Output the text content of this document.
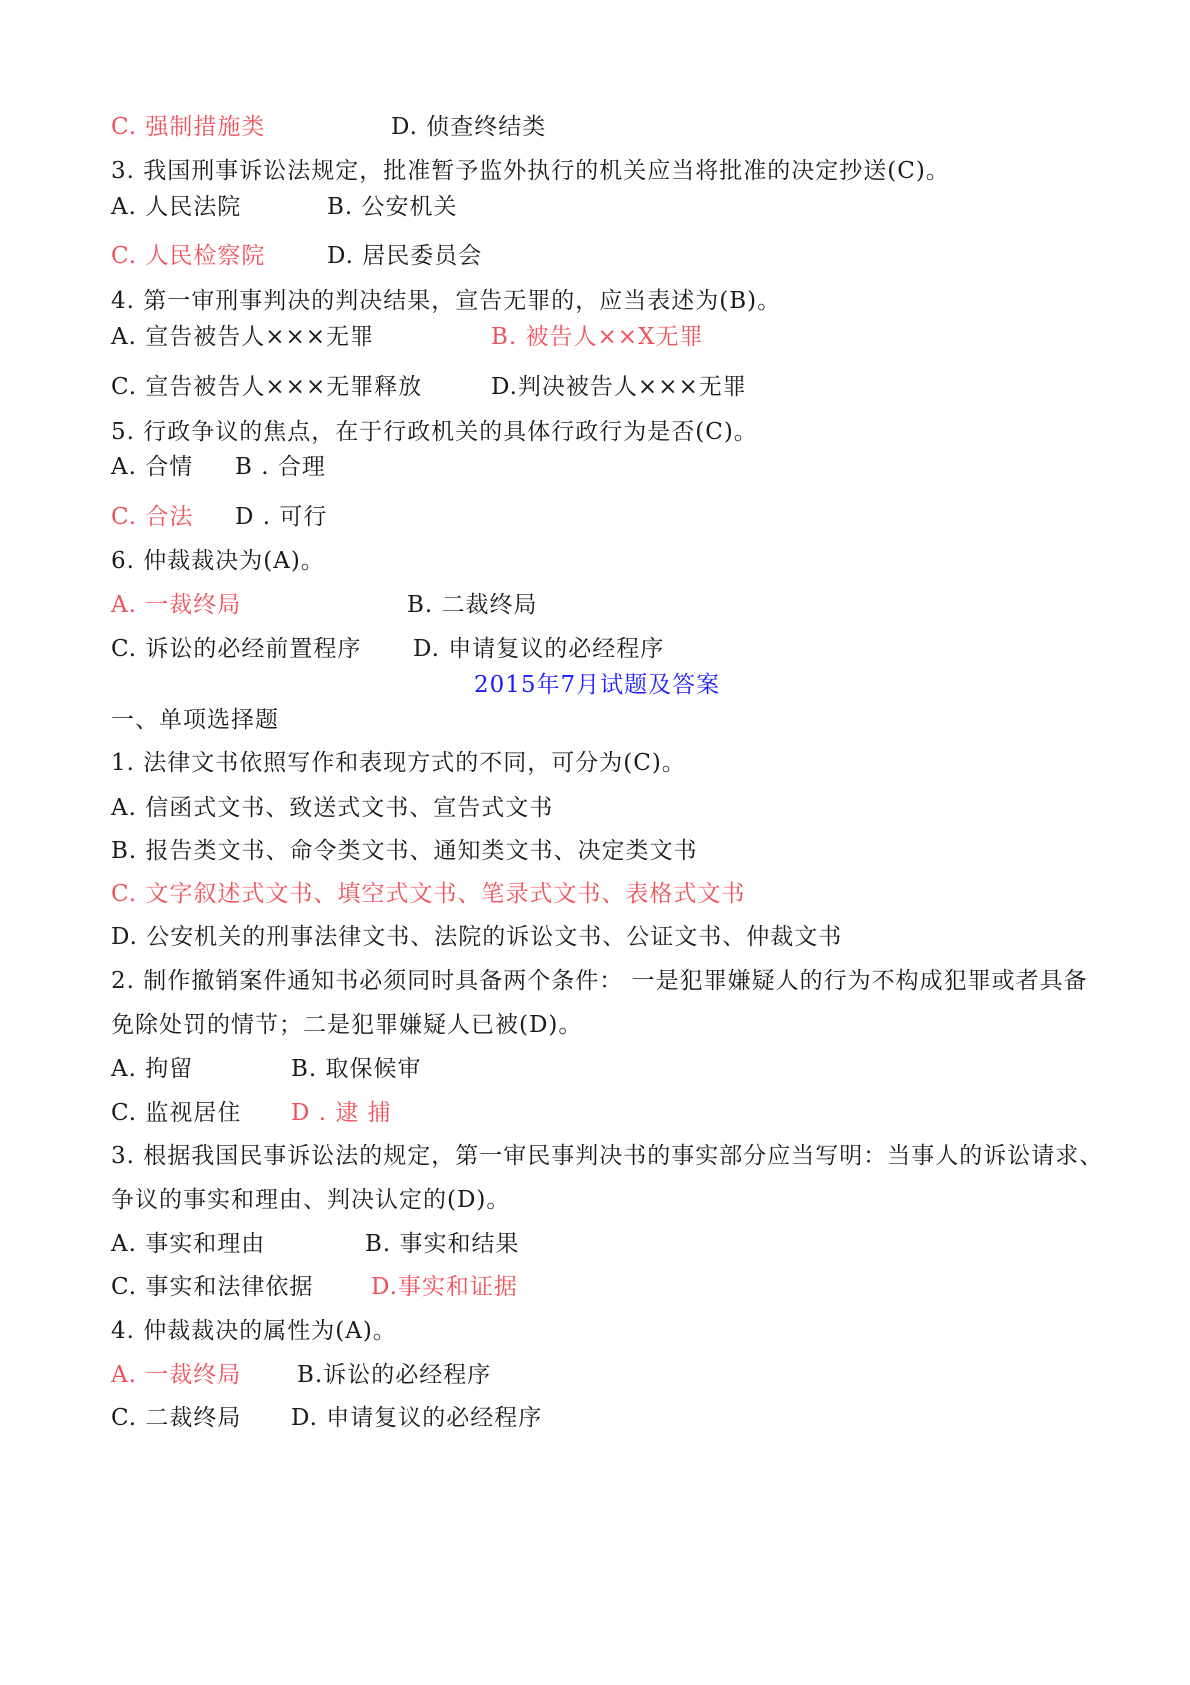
C. 强制措施类	D. 侦查终结类
3. 我国刑事诉讼法规定，批准暂予监外执行的机关应当将批准的决定抄送(C)。
A. 人民法院	B. 公安机关
C. 人民检察院	D. 居民委员会
4. 第一审刑事判决的判决结果，宣告无罪的，应当表述为(B)。
A. 宣告被告人×××无罪	B. 被告人××X无罪
C. 宣告被告人×××无罪释放	D.判决被告人×××无罪
5. 行政争议的焦点，在于行政机关的具体行政行为是否(C)。
A. 合情 B . 合理
C. 合法 D . 可行
6. 仲裁裁决为(A)。
A. 一裁终局	B. 二裁终局
C. 诉讼的必经前置程序 D. 申请复议的必经程序
2015年7月试题及答案
一、单项选择题
1. 法律文书依照写作和表现方式的不同，可分为(C)。
A. 信函式文书、致送式文书、宣告式文书
B. 报告类文书、命令类文书、通知类文书、决定类文书
C. 文字叙述式文书、填空式文书、笔录式文书、表格式文书
D. 公安机关的刑事法律文书、法院的诉讼文书、公证文书、仲裁文书
2. 制作撤销案件通知书必须同时具备两个条件： 一是犯罪嫌疑人的行为不构成犯罪或者具备
免除处罚的情节；二是犯罪嫌疑人已被(D)。
A. 拘留	B. 取保候审
C. 监视居住 D . 逮 捕
3. 根据我国民事诉讼法的规定，第一审民事判决书的事实部分应当写明：当事人的诉讼请求、
争议的事实和理由、判决认定的(D)。
A. 事实和理由	B. 事实和结果
C. 事实和法律依据	D.事实和证据
4. 仲裁裁决的属性为(A)。
A. 一裁终局 B.诉讼的必经程序
C. 二裁终局 D. 申请复议的必经程序
